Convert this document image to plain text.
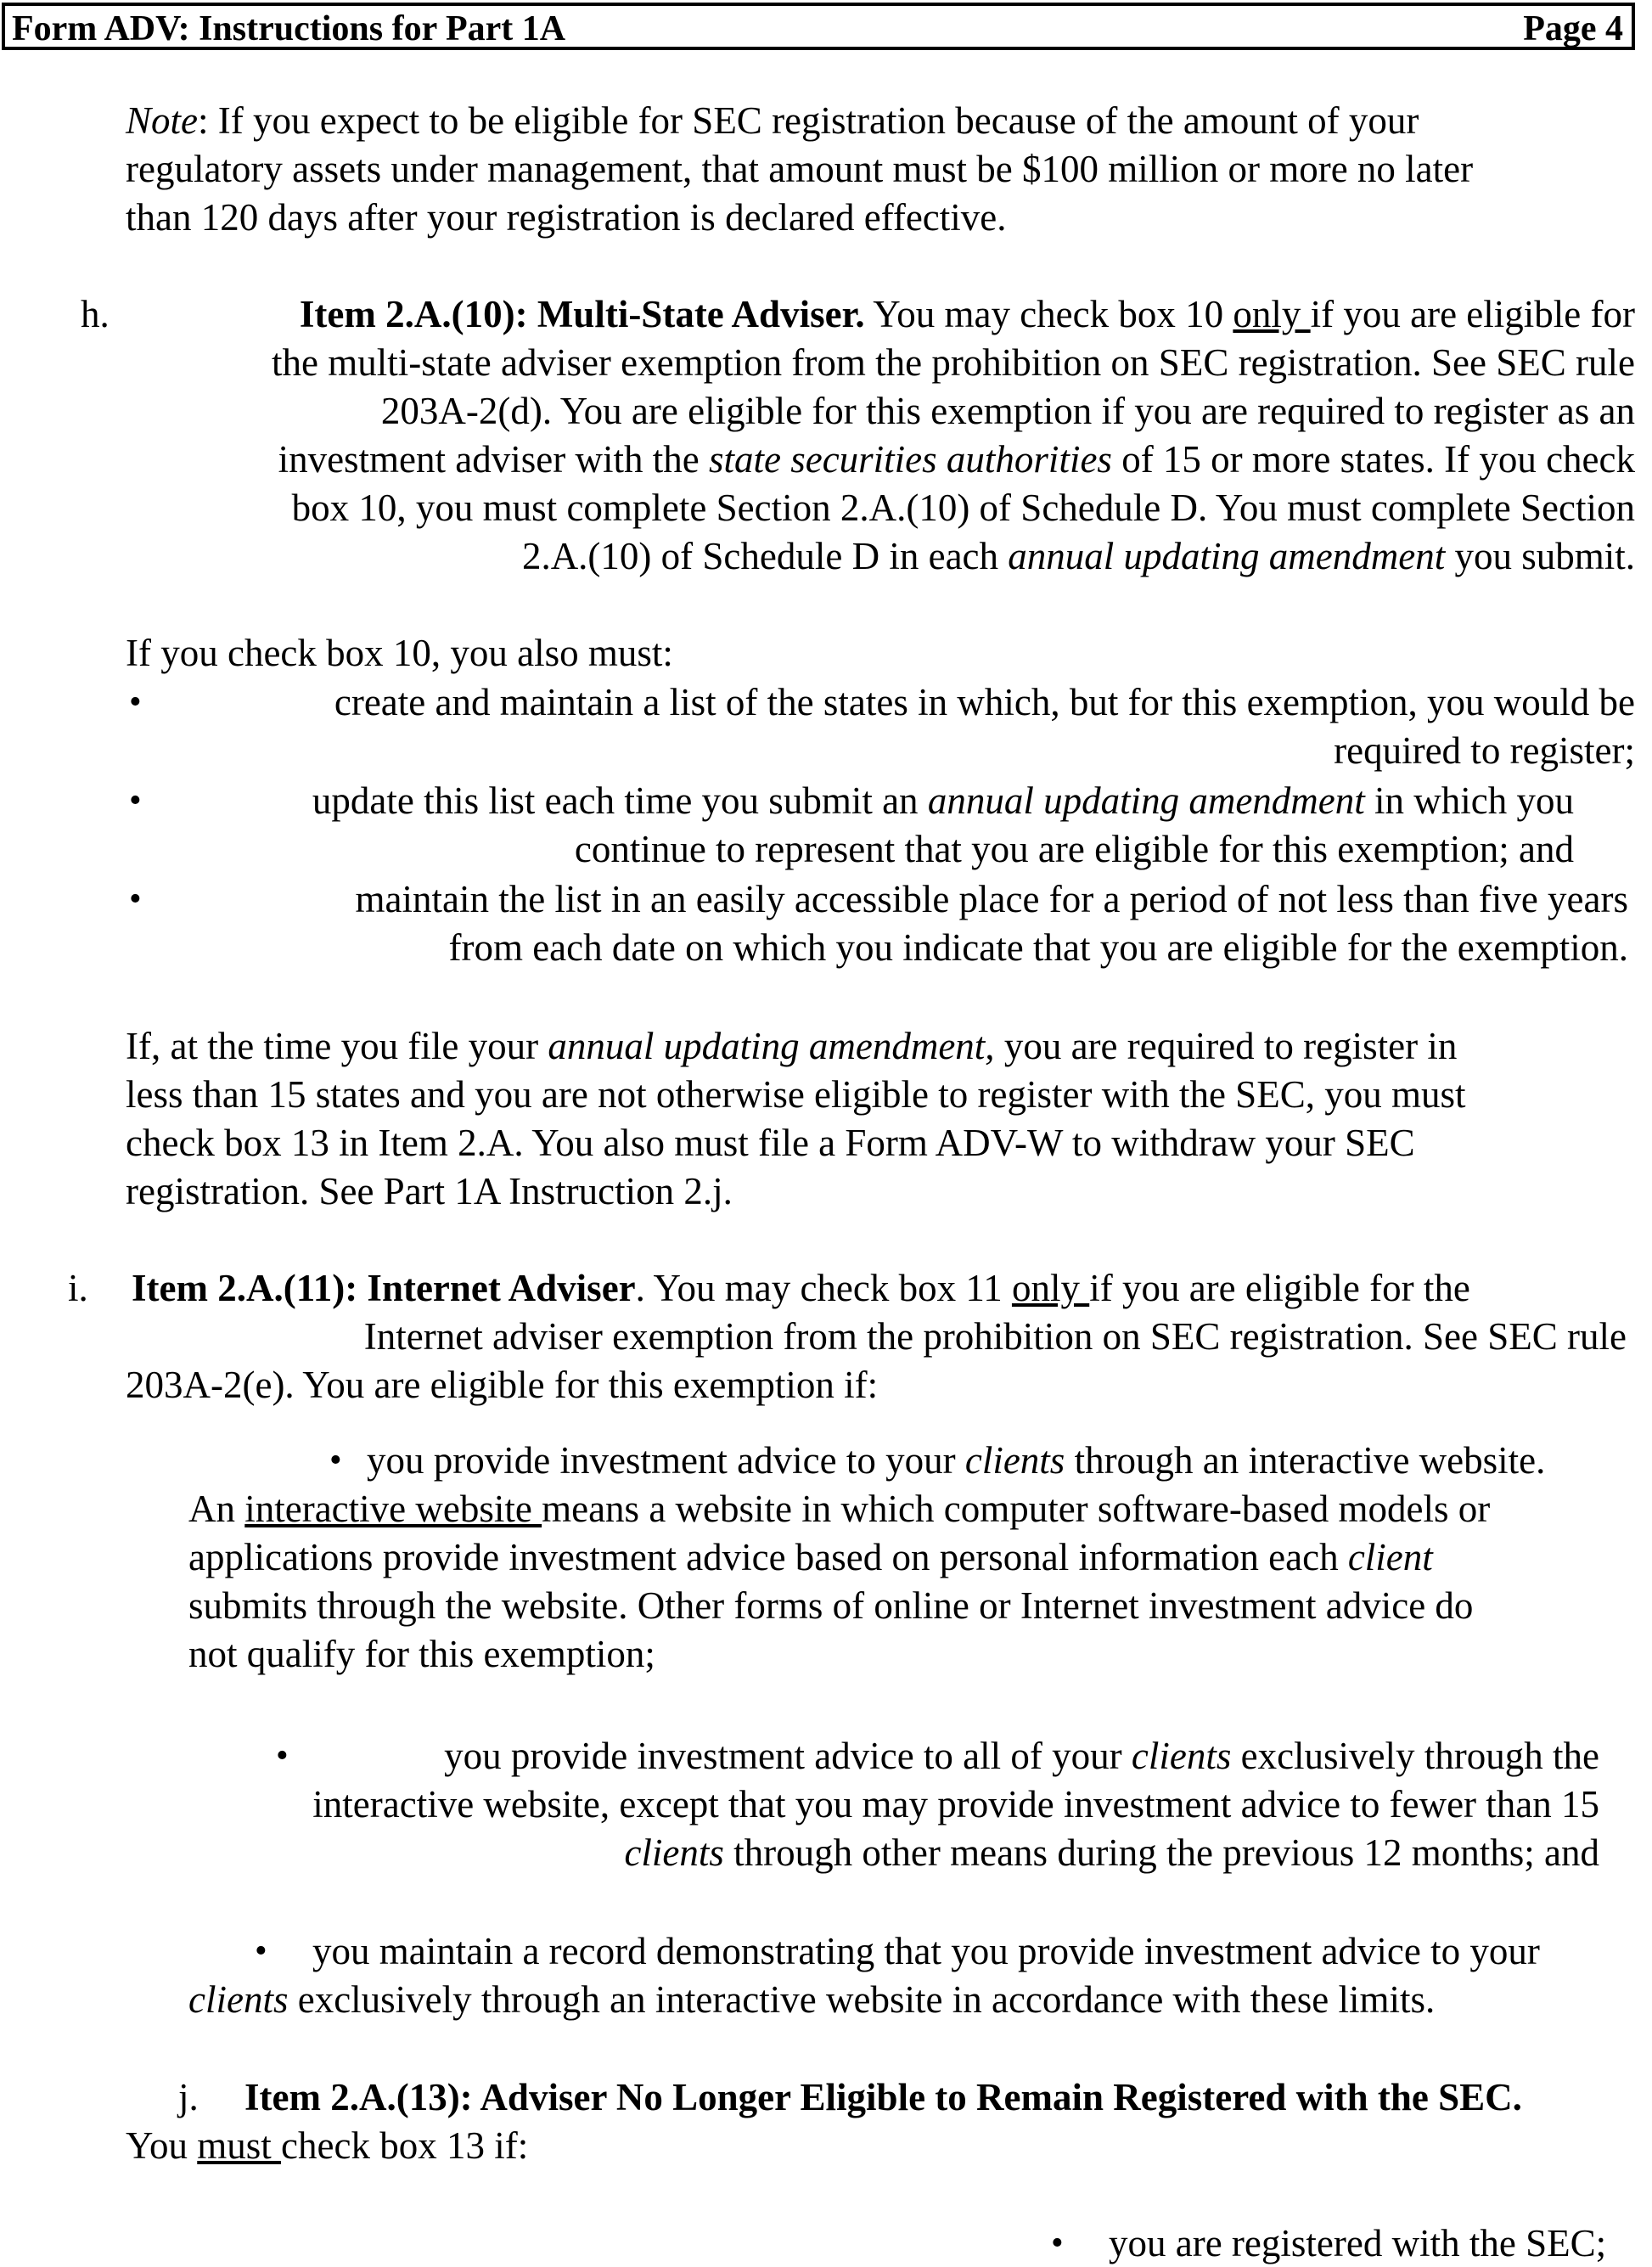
Form ADV: Instructions for Part 1A	Page 4
Note: If you expect to be eligible for SEC registration because of the amount of your
regulatory assets under management, that amount must be $100 million or more no later
than 120 days after your registration is declared effective.
h.	Item 2.A.(10): Multi-State Adviser. You may check box 10 only if you are eligible for
the multi-state adviser exemption from the prohibition on SEC registration. See SEC rule
203A-2(d). You are eligible for this exemption if you are required to register as an
investment adviser with the state securities authorities of 15 or more states. If you check
box 10, you must complete Section 2.A.(10) of Schedule D. You must complete Section
2.A.(10) of Schedule D in each annual updating amendment you submit.
If you check box 10, you also must:
•	create and maintain a list of the states in which, but for this exemption, you would be
required to register;
•	update this list each time you submit an annual updating amendment in which you
continue to represent that you are eligible for this exemption; and
•	maintain the list in an easily accessible place for a period of not less than five years
from each date on which you indicate that you are eligible for the exemption.
If, at the time you file your annual updating amendment, you are required to register in
less than 15 states and you are not otherwise eligible to register with the SEC, you must
check box 13 in Item 2.A. You also must file a Form ADV-W to withdraw your SEC
registration. See Part 1A Instruction 2.j.
i. Item 2.A.(11): Internet Adviser. You may check box 11 only if you are eligible for the
Internet adviser exemption from the prohibition on SEC registration. See SEC rule
203A-2(e). You are eligible for this exemption if:
• you provide investment advice to your clients through an interactive website.
An interactive website means a website in which computer software-based models or
applications provide investment advice based on personal information each client
submits through the website. Other forms of online or Internet investment advice do
not qualify for this exemption;
•	you provide investment advice to all of your clients exclusively through the
interactive website, except that you may provide investment advice to fewer than 15
clients through other means during the previous 12 months; and
• you maintain a record demonstrating that you provide investment advice to your
clients exclusively through an interactive website in accordance with these limits.
j. Item 2.A.(13): Adviser No Longer Eligible to Remain Registered with the SEC.
You must check box 13 if:
• you are registered with the SEC;
